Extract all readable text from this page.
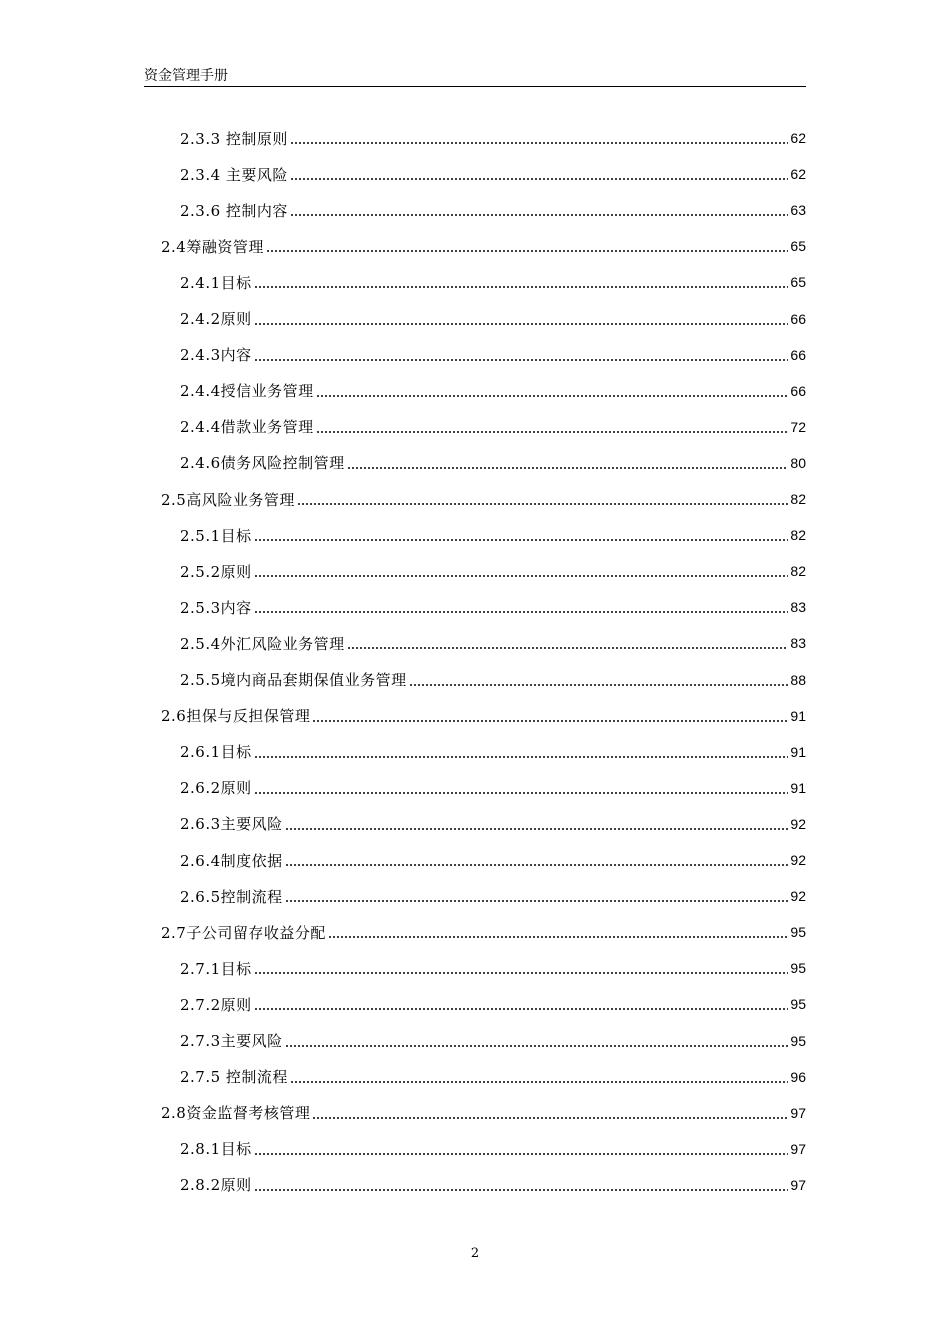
资金管理手册
2.3.3 控制原则	62
2.3.4 主要风险	62
2.3.6 控制内容	63
2.4筹融资管理	65
2.4.1目标	65
2.4.2原则	66
2.4.3内容	66
2.4.4授信业务管理	66
2.4.4借款业务管理	72
2.4.6债务风险控制管理	80
2.5高风险业务管理	82
2.5.1目标	82
2.5.2原则	82
2.5.3内容	83
2.5.4外汇风险业务管理	83
2.5.5境内商品套期保值业务管理	88
2.6担保与反担保管理	91
2.6.1目标	91
2.6.2原则	91
2.6.3主要风险	92
2.6.4制度依据	92
2.6.5控制流程	92
2.7子公司留存收益分配	95
2.7.1目标	95
2.7.2原则	95
2.7.3主要风险	95
2.7.5 控制流程	96
2.8资金监督考核管理	97
2.8.1目标	97
2.8.2原则	97
2
